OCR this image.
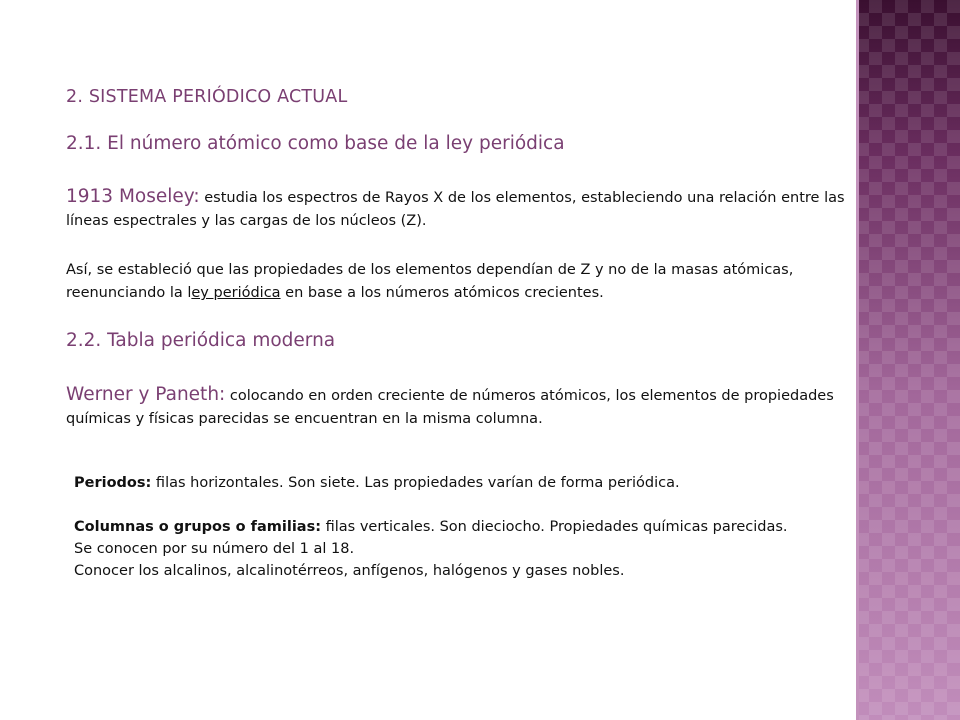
2. SISTEMA PERIÓDICO ACTUAL
2.1. El número atómico como base de la ley periódica
1913 Moseley: estudia los espectros de Rayos X de los elementos, estableciendo una relación entre las líneas espectrales y las cargas de los núcleos (Z).
Así, se estableció que las propiedades de los elementos dependían de Z y no de la masas atómicas, reenunciando la ley periódica en base a los números atómicos crecientes.
2.2. Tabla periódica moderna
Werner y Paneth: colocando en orden creciente de números atómicos, los elementos de propiedades químicas y físicas parecidas se encuentran en la misma columna.

Periodos: filas horizontales. Son siete. Las propiedades varían de forma periódica.

Columnas o grupos o familias: filas verticales. Son dieciocho. Propiedades químicas parecidas.

Se conocen por su número del 1 al 18.

Conocer los alcalinos, alcalinotérreos, anfígenos, halógenos y gases nobles.
